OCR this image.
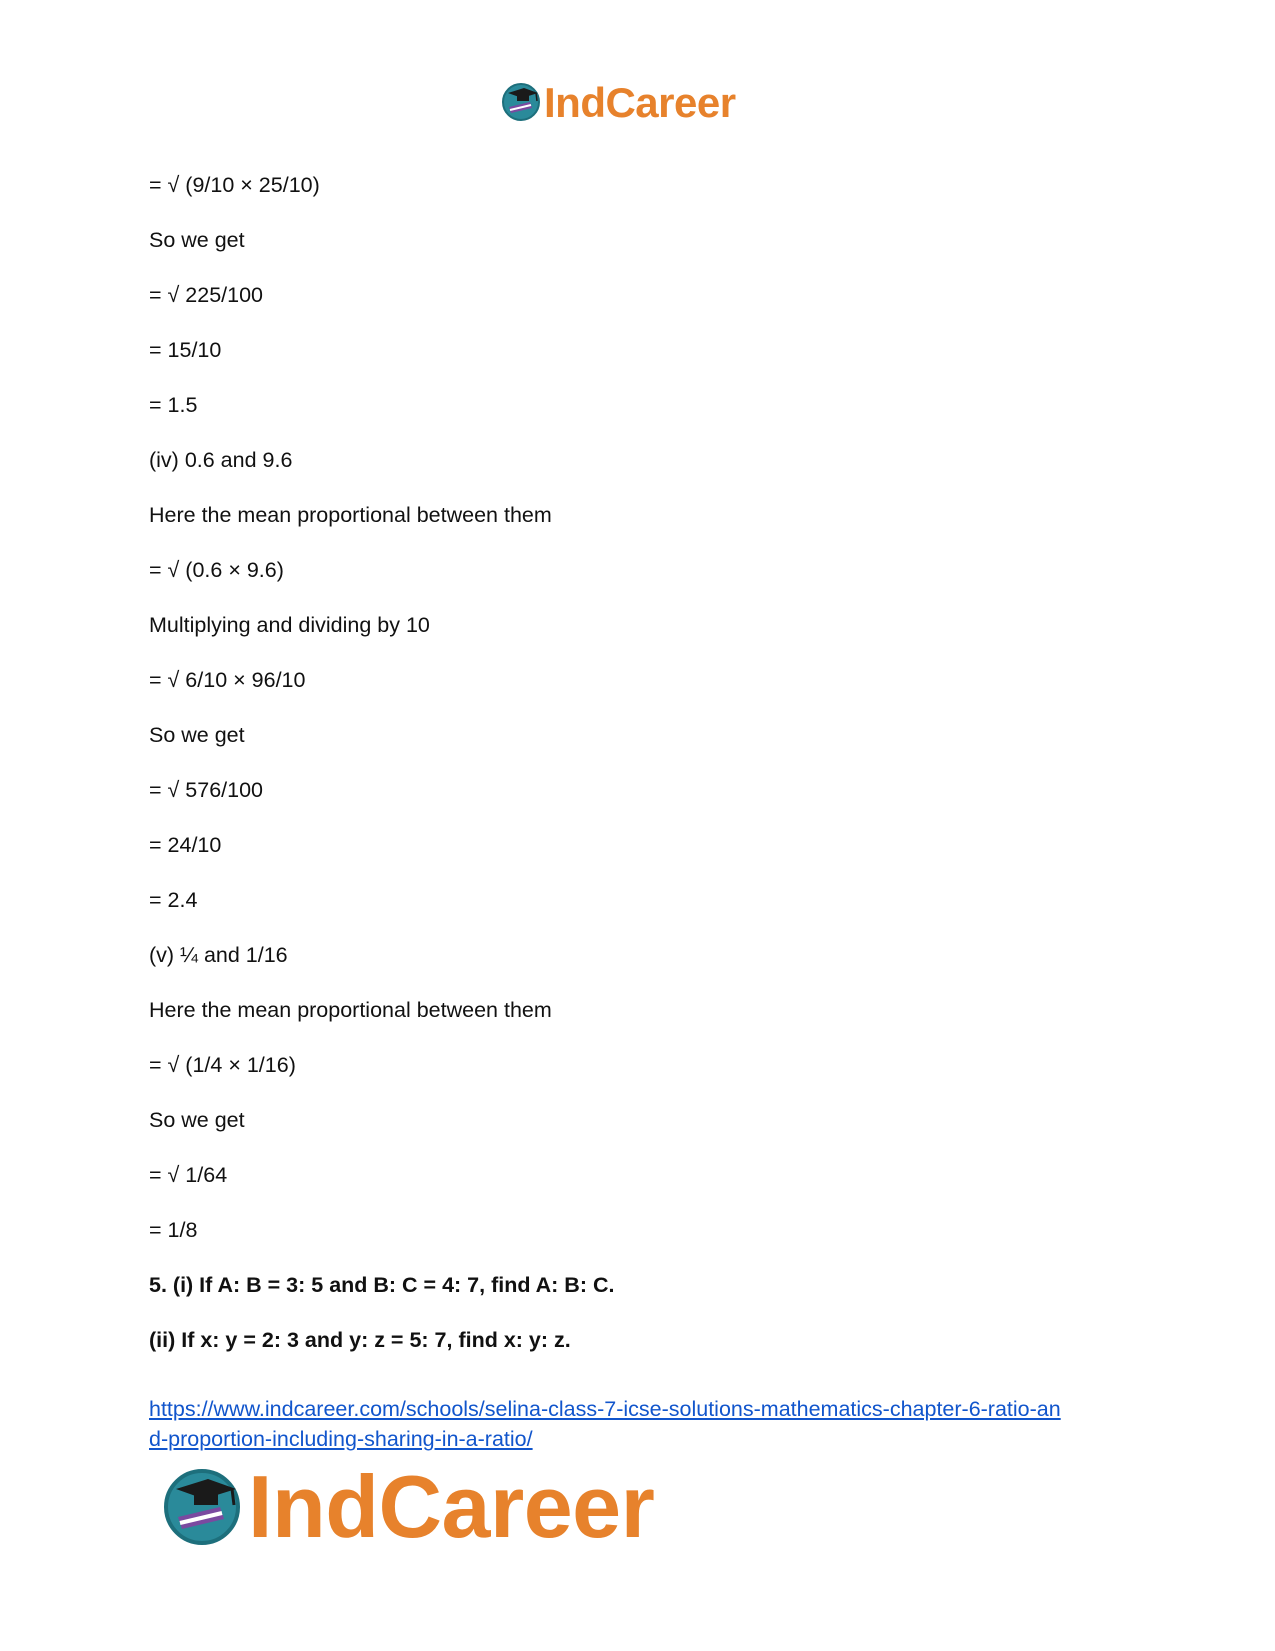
IndCareer
= √ (9/10 × 25/10)
So we get
= √ 225/100
= 15/10
= 1.5
(iv) 0.6 and 9.6
Here the mean proportional between them
= √ (0.6 × 9.6)
Multiplying and dividing by 10
= √ 6/10 × 96/10
So we get
= √ 576/100
= 24/10
= 2.4
(v) ¼ and 1/16
Here the mean proportional between them
= √ (1/4 × 1/16)
So we get
= √ 1/64
= 1/8
5. (i) If A: B = 3: 5 and B: C = 4: 7, find A: B: C.
(ii) If x: y = 2: 3 and y: z = 5: 7, find x: y: z.
https://www.indcareer.com/schools/selina-class-7-icse-solutions-mathematics-chapter-6-ratio-an
d-proportion-including-sharing-in-a-ratio/
IndCareer
